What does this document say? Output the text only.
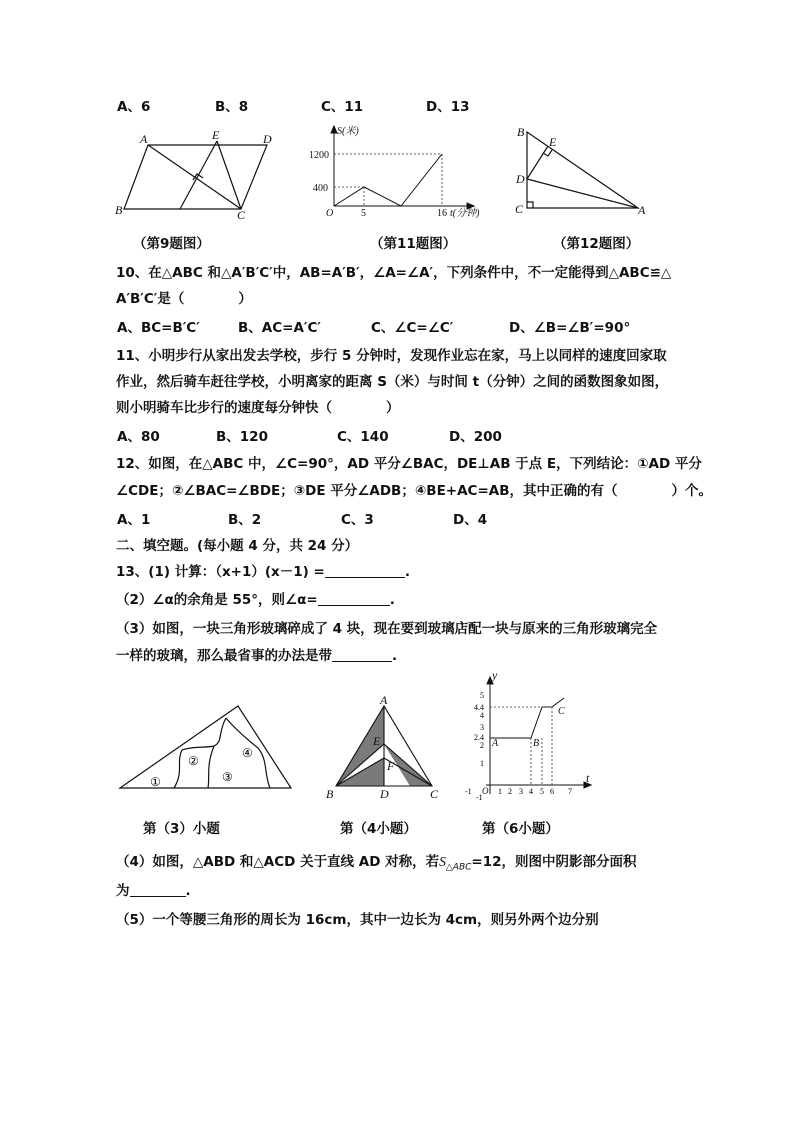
A、6	B、8	C、11	D、13
A	E	D
B	C
S(米)
1200
400
O	5	16 t(分钟)
B
E
D
C	A
（第9题图）	（第11题图）	（第12题图）
10、在△ABC 和△A′B′C′中，AB=A′B′，∠A=∠A′，下列条件中，不一定能得到△ABC≌△
A′B′C′是（　　　　）
A、BC=B′C′	B、AC=A′C′	C、∠C=∠C′	D、∠B=∠B′=90°
11、小明步行从家出发去学校，步行 5 分钟时，发现作业忘在家，马上以同样的速度回家取
作业，然后骑车赶往学校，小明离家的距离 S（米）与时间 t（分钟）之间的函数图象如图，
则小明骑车比步行的速度每分钟快（　　　　）
A、80	B、120	C、140	D、200
12、如图，在△ABC 中，∠C=90°，AD 平分∠BAC，DE⊥AB 于点 E，下列结论：①AD 平分
∠CDE；②∠BAC=∠BDE；③DE 平分∠ADB；④BE+AC=AB，其中正确的有（　　　　）个。
A、1	B、2	C、3	D、4
二、填空题。(每小题 4 分，共 24 分）
13、(1) 计算：（x+1）(x－1) =	.
（2）∠α的余角是 55°，则∠α=	.
（3）如图，一块三角形玻璃碎成了 4 块，现在要到玻璃店配一块与原来的三角形玻璃完全
一样的玻璃，那么最省事的办法是带	.
①
②
③
④
A
E
F
B	D	C
y
t
O
5
4.4
4
3
2.4
2
1
-1
1 2 3 4 5 6 7
-1
A	B
C
第（3）小题	第（4小题）	第（6小题）
（4）如图，△ABD 和△ACD 关于直线 AD 对称，若$S_{\triangle ABC}=12$，则图中阴影部分面积
为	.
（5）一个等腰三角形的周长为 16cm，其中一边长为 4cm，则另外两个边分别
